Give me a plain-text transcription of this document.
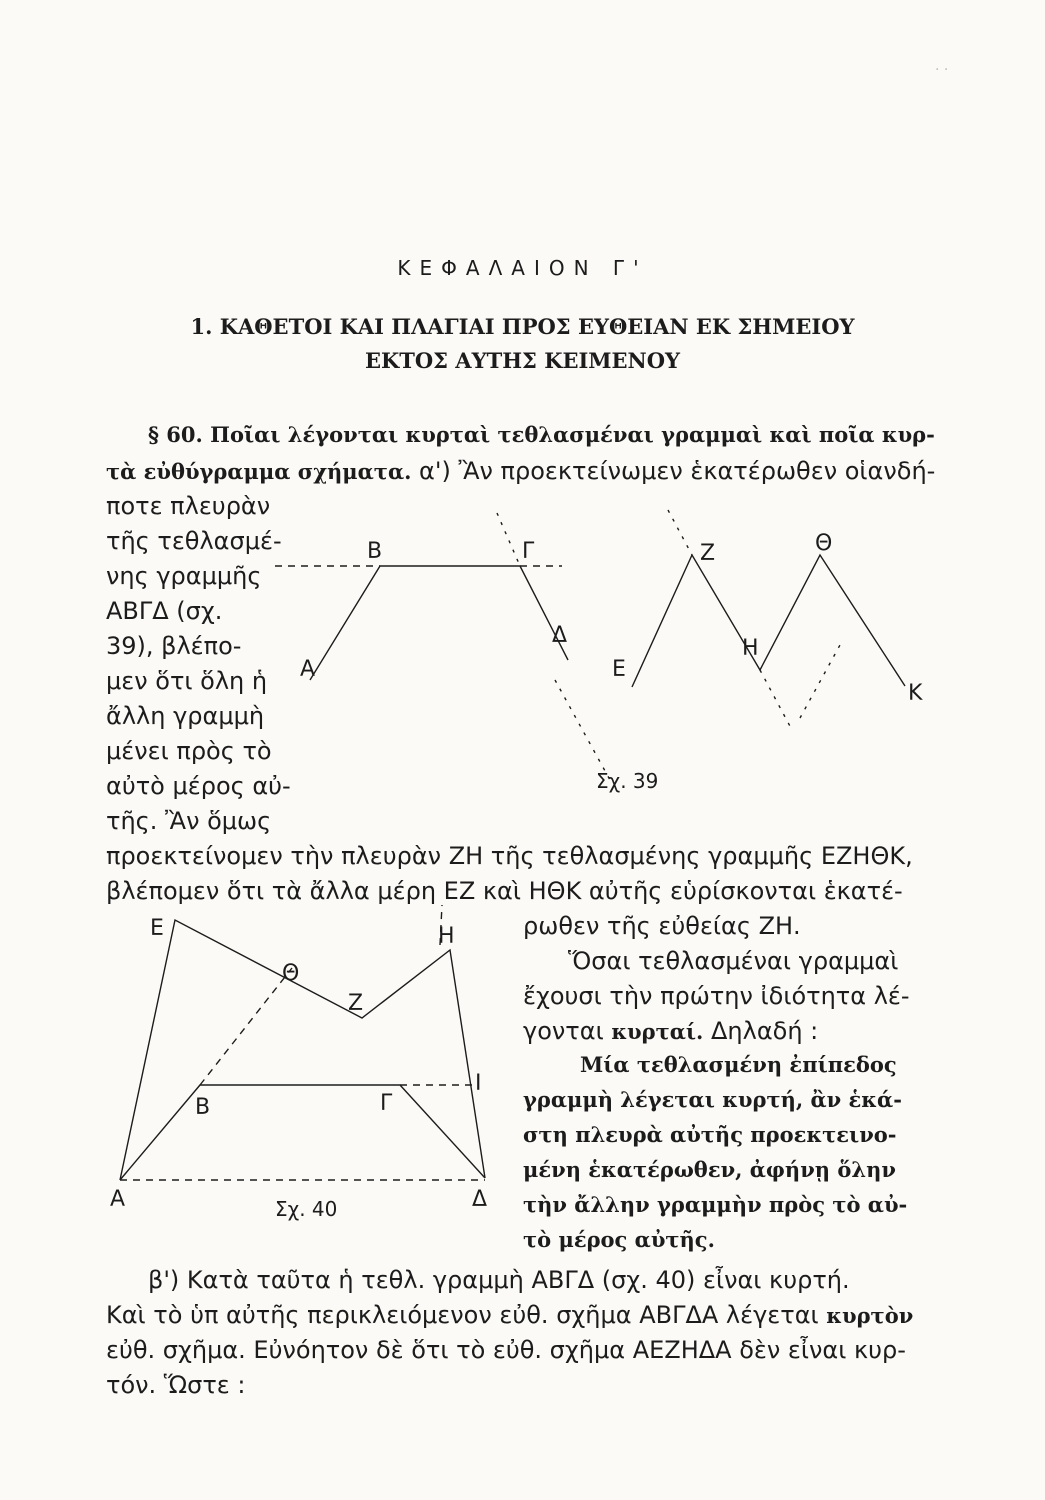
· ·
ΚΕΦΑΛΑΙΟΝ Γ'
1. ΚΑΘΕΤΟΙ ΚΑΙ ΠΛΑΓΙΑΙ ΠΡΟΣ ΕΥΘΕΙΑΝ ΕΚ ΣΗΜΕΙΟΥ
ΕΚΤΟΣ ΑΥΤΗΣ ΚΕΙΜΕΝΟΥ
§ 60. Ποῖαι λέγονται κυρταὶ τεθλασμέναι γραμμαὶ καὶ ποῖα κυρ-
τὰ εὐθύγραμμα σχήματα. α') Ἂν προεκτείνωμεν ἑκατέρωθεν οἱανδή-
ποτε πλευρὰν
τῆς τεθλασμέ-
νης γραμμῆς
ΑΒΓΔ (σχ.
39), βλέπο-
μεν ὅτι ὅλη ἡ
ἄλλη γραμμὴ
μένει πρὸς τὸ
αὐτὸ μέρος αὐ-
τῆς. Ἂν ὅμως
προεκτείνομεν τὴν πλευρὰν ΖΗ τῆς τεθλασμένης γραμμῆς ΕΖΗΘΚ,
βλέπομεν ὅτι τὰ ἄλλα μέρη ΕΖ καὶ ΗΘΚ αὐτῆς εὑρίσκονται ἑκατέ-
ρωθεν τῆς εὐθείας ΖΗ.
Ὅσαι τεθλασμέναι γραμμαὶ
ἔχουσι τὴν πρώτην ἰδιότητα λέ-
γονται κυρταί. Δηλαδή :
Μία τεθλασμένη ἐπίπεδος
γραμμὴ λέγεται κυρτή, ἂν ἑκά-
στη πλευρὰ αὐτῆς προεκτεινο-
μένη ἑκατέρωθεν, ἀφήνῃ ὅλην
τὴν ἄλλην γραμμὴν πρὸς τὸ αὐ-
τὸ μέρος αὐτῆς.
β') Κατὰ ταῦτα ἡ τεθλ. γραμμὴ ΑΒΓΔ (σχ. 40) εἶναι κυρτή.
Καὶ τὸ ὑπ αὐτῆς περικλειόμενον εὐθ. σχῆμα ΑΒΓΔΑ λέγεται κυρτὸν
εὐθ. σχῆμα. Εὐνόητον δὲ ὅτι τὸ εὐθ. σχῆμα ΑΕΖΗΔΑ δὲν εἶναι κυρ-
τόν. Ὥστε :
Α
Β	Γ
Δ
Ε
Ζ
Η
Θ
Κ
Σχ. 39
Ε	Η
Θ
Ζ
Β	Γ
Ι
Α	Δ
Σχ. 40
